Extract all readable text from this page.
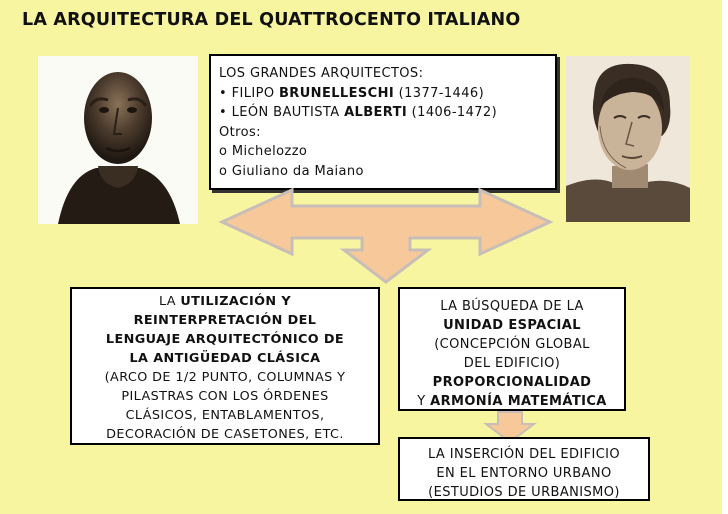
LA ARQUITECTURA DEL QUATTROCENTO ITALIANO
LOS GRANDES ARQUITECTOS:
• FILIPO BRUNELLESCHI (1377-1446)
• LEÓN BAUTISTA ALBERTI (1406-1472)
Otros:
o Michelozzo
o Giuliano da Maiano
LA UTILIZACIÓN Y
REINTERPRETACIÓN DEL
LENGUAJE ARQUITECTÓNICO DE
LA ANTIGÜEDAD CLÁSICA
(ARCO DE 1/2 PUNTO, COLUMNAS Y
PILASTRAS CON LOS ÓRDENES
CLÁSICOS, ENTABLAMENTOS,
DECORACIÓN DE CASETONES, ETC.
LA BÚSQUEDA DE LA
UNIDAD ESPACIAL
(CONCEPCIÓN GLOBAL
DEL EDIFICIO)
PROPORCIONALIDAD
Y ARMONÍA MATEMÁTICA
LA INSERCIÓN DEL EDIFICIO
EN EL ENTORNO URBANO
(ESTUDIOS DE URBANISMO)
